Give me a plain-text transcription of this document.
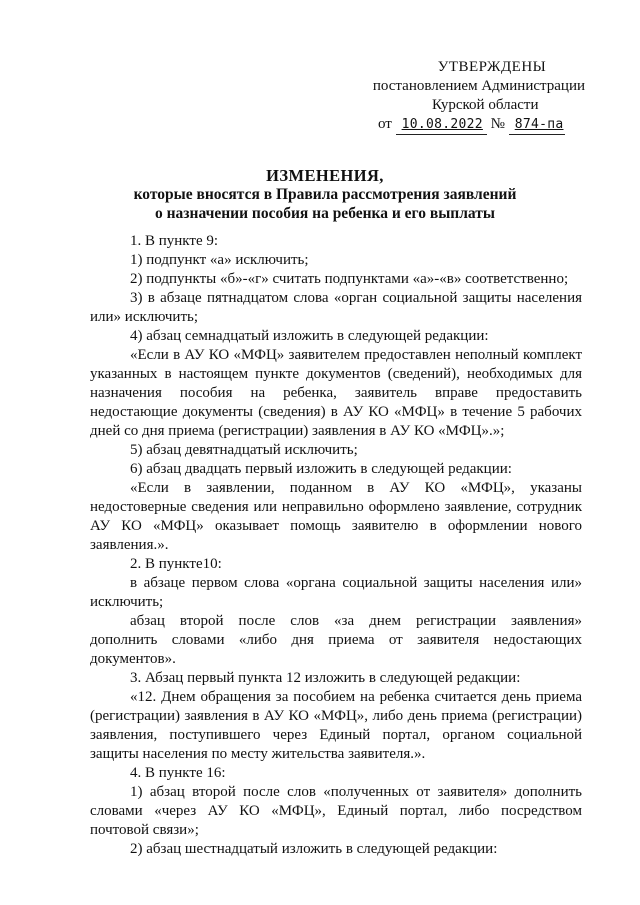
УТВЕРЖДЕНЫ
постановлением Администрации
Курской области
от 10.08.2022 № 874-па
ИЗМЕНЕНИЯ,
которые вносятся в Правила рассмотрения заявлений
о назначении пособия на ребенка и его выплаты

1. В пункте 9:

1) подпункт «а» исключить;

2) подпункты «б»-«г» считать подпунктами «а»-«в» соответственно;

3) в абзаце пятнадцатом слова «орган социальной защиты населения или» исключить;

4) абзац семнадцатый изложить в следующей редакции:

«Если в АУ КО «МФЦ» заявителем предоставлен неполный комплект указанных в настоящем пункте документов (сведений), необходимых для назначения пособия на ребенка, заявитель вправе предоставить недостающие документы (сведения) в АУ КО «МФЦ» в течение 5 рабочих дней со дня приема (регистрации) заявления в АУ КО «МФЦ».»;

5) абзац девятнадцатый исключить;

6) абзац двадцать первый изложить в следующей редакции:

«Если в заявлении, поданном в АУ КО «МФЦ», указаны недостоверные сведения или неправильно оформлено заявление, сотрудник АУ КО «МФЦ» оказывает помощь заявителю в оформлении нового заявления.».

2. В пункте10:

в абзаце первом слова «органа социальной защиты населения или» исключить;

абзац второй после слов «за днем регистрации заявления» дополнить словами «либо дня приема от заявителя недостающих документов».

3. Абзац первый пункта 12 изложить в следующей редакции:

«12. Днем обращения за пособием на ребенка считается день приема (регистрации) заявления в АУ КО «МФЦ», либо день приема (регистрации) заявления, поступившего через Единый портал, органом социальной защиты населения по месту жительства заявителя.».

4. В пункте 16:

1) абзац второй после слов «полученных от заявителя» дополнить словами «через АУ КО «МФЦ», Единый портал, либо посредством почтовой связи»;

2) абзац шестнадцатый изложить в следующей редакции:
